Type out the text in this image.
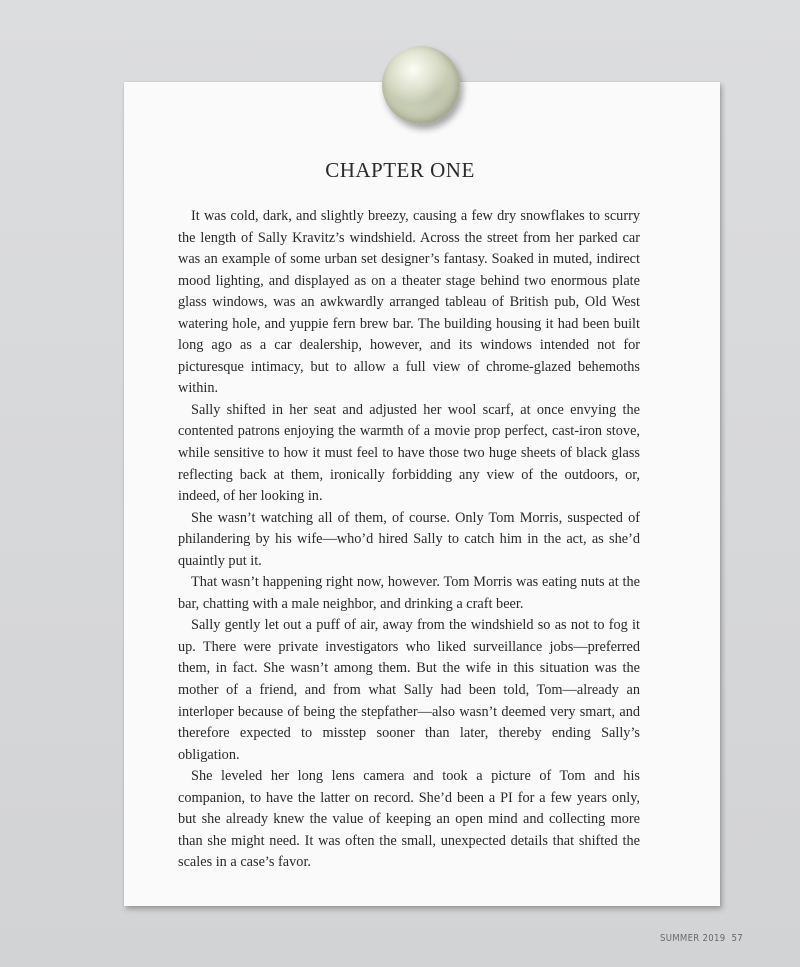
CHAPTER ONE

It was cold, dark, and slightly breezy, causing a few dry snowflakes to scurry the length of Sally Kravitz’s windshield. Across the street from her parked car was an example of some urban set designer’s fantasy. Soaked in muted, indirect mood lighting, and displayed as on a theater stage behind two enormous plate glass windows, was an awkwardly arranged tableau of British pub, Old West watering hole, and yuppie fern brew bar. The building housing it had been built long ago as a car dealership, however, and its windows intended not for picturesque intimacy, but to allow a full view of chrome-glazed behemoths within.

Sally shifted in her seat and adjusted her wool scarf, at once envying the contented patrons enjoying the warmth of a movie prop perfect, cast-iron stove, while sensitive to how it must feel to have those two huge sheets of black glass reflecting back at them, ironically forbidding any view of the outdoors, or, indeed, of her looking in.

She wasn’t watching all of them, of course. Only Tom Morris, suspected of philandering by his wife—who’d hired Sally to catch him in the act, as she’d quaintly put it.

That wasn’t happening right now, however. Tom Morris was eating nuts at the bar, chatting with a male neighbor, and drinking a craft beer.

Sally gently let out a puff of air, away from the windshield so as not to fog it up. There were private investigators who liked surveillance jobs—preferred them, in fact. She wasn’t among them. But the wife in this situation was the mother of a friend, and from what Sally had been told, Tom—already an interloper because of being the stepfather—also wasn’t deemed very smart, and therefore expected to misstep sooner than later, thereby ending Sally’s obligation.

She leveled her long lens camera and took a picture of Tom and his companion, to have the latter on record. She’d been a PI for a few years only, but she already knew the value of keeping an open mind and collecting more than she might need. It was often the small, unexpected details that shifted the scales in a case’s favor.

SUMMER 2019 57
